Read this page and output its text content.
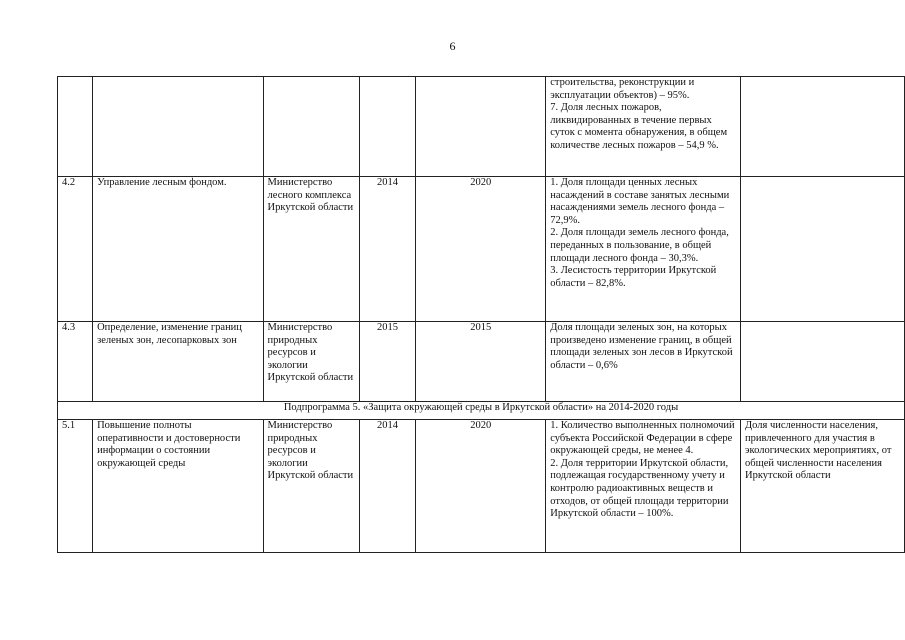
6

					строительства, реконструкции и эксплуатации объектов) – 95%.
7. Доля лесных пожаров, ликвидированных в течение первых суток с момента обнаружения, в общем количестве лесных пожаров – 54,9 %.	

4.2	Управление лесным фондом.	Министерство лесного комплекса Иркутской области	2014	2020	1. Доля площади ценных лесных насаждений в составе занятых лесными насаждениями земель лесного фонда – 72,9%.
2. Доля площади земель лесного фонда, переданных в пользование, в общей площади лесного фонда – 30,3%.
3. Лесистость территории Иркутской области – 82,8%.	

4.3	Определение, изменение границ зеленых зон, лесопарковых зон	Министерство природных ресурсов и экологии Иркутской области	2015	2015	Доля площади зеленых зон, на которых произведено изменение границ, в общей площади зеленых зон лесов в Иркутской области – 0,6%	

Подпрограмма 5. «Защита окружающей среды в Иркутской области» на 2014-2020 годы						
5.1	Повышение полноты оперативности и достоверности информации о состоянии окружающей среды	Министерство природных ресурсов и экологии Иркутской области	2014	2020	1. Количество выполненных полномочий субъекта Российской Федерации в сфере окружающей среды, не менее 4.
2. Доля территории Иркутской области, подлежащая государственному учету и контролю радиоактивных веществ и отходов, от общей площади территории Иркутской области – 100%.	Доля численности населения, привлеченного для участия в экологических мероприятиях, от общей численности населения Иркутской области
